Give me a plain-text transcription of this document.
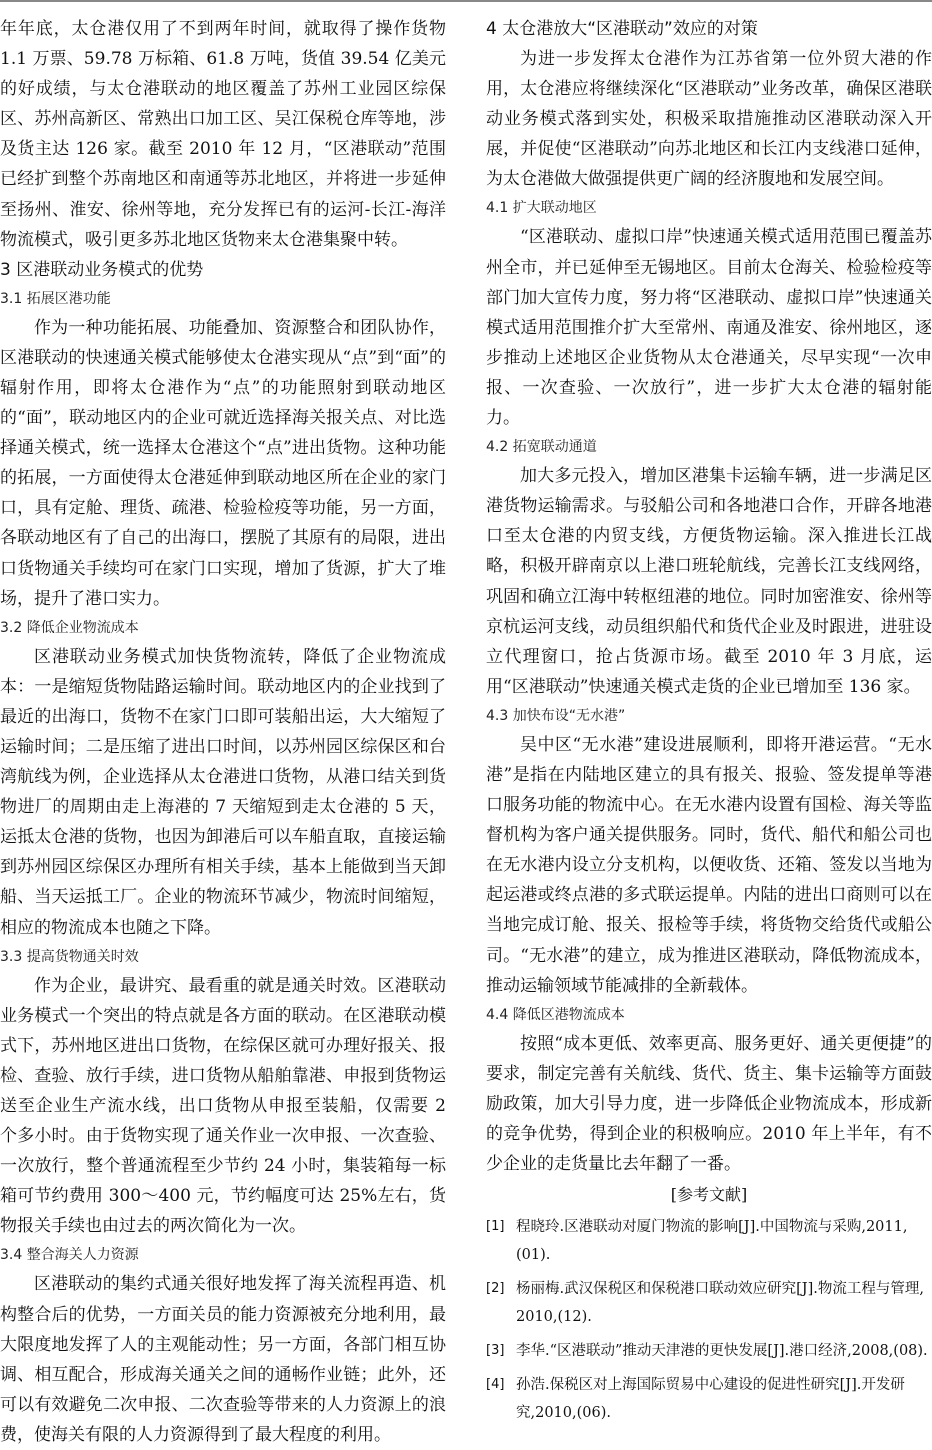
年年底，太仓港仅用了不到两年时间，就取得了操作货物 1.1 万票、59.78 万标箱、61.8 万吨，货值 39.54 亿美元的好成绩，与太仓港联动的地区覆盖了苏州工业园区综保区、苏州高新区、常熟出口加工区、吴江保税仓库等地，涉及货主达 126 家。截至 2010 年 12 月，“区港联动”范围已经扩到整个苏南地区和南通等苏北地区，并将进一步延伸至扬州、淮安、徐州等地，充分发挥已有的运河-长江-海洋物流模式，吸引更多苏北地区货物来太仓港集聚中转。

3 区港联动业务模式的优势
3.1 拓展区港功能

作为一种功能拓展、功能叠加、资源整合和团队协作，区港联动的快速通关模式能够使太仓港实现从“点”到“面”的辐射作用，即将太仓港作为“点”的功能照射到联动地区的“面”，联动地区内的企业可就近选择海关报关点、对比选择通关模式，统一选择太仓港这个“点”进出货物。这种功能的拓展，一方面使得太仓港延伸到联动地区所在企业的家门口，具有定舱、理货、疏港、检验检疫等功能，另一方面，各联动地区有了自己的出海口，摆脱了其原有的局限，进出口货物通关手续均可在家门口实现，增加了货源，扩大了堆场，提升了港口实力。

3.2 降低企业物流成本

区港联动业务模式加快货物流转，降低了企业物流成本：一是缩短货物陆路运输时间。联动地区内的企业找到了最近的出海口，货物不在家门口即可装船出运，大大缩短了运输时间；二是压缩了进出口时间，以苏州园区综保区和台湾航线为例，企业选择从太仓港进口货物，从港口结关到货物进厂的周期由走上海港的 7 天缩短到走太仓港的 5 天，运抵太仓港的货物，也因为卸港后可以车船直取，直接运输到苏州园区综保区办理所有相关手续，基本上能做到当天卸船、当天运抵工厂。企业的物流环节减少，物流时间缩短，相应的物流成本也随之下降。

3.3 提高货物通关时效

作为企业，最讲究、最看重的就是通关时效。区港联动业务模式一个突出的特点就是各方面的联动。在区港联动模式下，苏州地区进出口货物，在综保区就可办理好报关、报检、查验、放行手续，进口货物从船舶靠港、申报到货物运送至企业生产流水线，出口货物从申报至装船，仅需要 2 个多小时。由于货物实现了通关作业一次申报、一次查验、一次放行，整个普通流程至少节约 24 小时，集装箱每一标箱可节约费用 300～400 元，节约幅度可达 25%左右，货物报关手续也由过去的两次简化为一次。

3.4 整合海关人力资源

区港联动的集约式通关很好地发挥了海关流程再造、机构整合后的优势，一方面关员的能力资源被充分地利用，最大限度地发挥了人的主观能动性；另一方面，各部门相互协调、相互配合，形成海关通关之间的通畅作业链；此外，还可以有效避免二次申报、二次查验等带来的人力资源上的浪费，使海关有限的人力资源得到了最大程度的利用。

4 太仓港放大“区港联动”效应的对策

为进一步发挥太仓港作为江苏省第一位外贸大港的作用，太仓港应将继续深化“区港联动”业务改革，确保区港联动业务模式落到实处，积极采取措施推动区港联动深入开展，并促使“区港联动”向苏北地区和长江内支线港口延伸，为太仓港做大做强提供更广阔的经济腹地和发展空间。

4.1 扩大联动地区

“区港联动、虚拟口岸”快速通关模式适用范围已覆盖苏州全市，并已延伸至无锡地区。目前太仓海关、检验检疫等部门加大宣传力度，努力将“区港联动、虚拟口岸”快速通关模式适用范围推介扩大至常州、南通及淮安、徐州地区，逐步推动上述地区企业货物从太仓港通关，尽早实现“一次申报、一次查验、一次放行”，进一步扩大太仓港的辐射能力。

4.2 拓宽联动通道

加大多元投入，增加区港集卡运输车辆，进一步满足区港货物运输需求。与驳船公司和各地港口合作，开辟各地港口至太仓港的内贸支线，方便货物运输。深入推进长江战略，积极开辟南京以上港口班轮航线，完善长江支线网络，巩固和确立江海中转枢纽港的地位。同时加密淮安、徐州等京杭运河支线，动员组织船代和货代企业及时跟进，进驻设立代理窗口，抢占货源市场。截至 2010 年 3 月底，运用“区港联动”快速通关模式走货的企业已增加至 136 家。

4.3 加快布设“无水港”

吴中区“无水港”建设进展顺利，即将开港运营。“无水港”是指在内陆地区建立的具有报关、报验、签发提单等港口服务功能的物流中心。在无水港内设置有国检、海关等监督机构为客户通关提供服务。同时，货代、船代和船公司也在无水港内设立分支机构，以便收货、还箱、签发以当地为起运港或终点港的多式联运提单。内陆的进出口商则可以在当地完成订舱、报关、报检等手续，将货物交给货代或船公司。“无水港”的建立，成为推进区港联动，降低物流成本，推动运输领域节能减排的全新载体。

4.4 降低区港物流成本

按照“成本更低、效率更高、服务更好、通关更便捷”的要求，制定完善有关航线、货代、货主、集卡运输等方面鼓励政策，加大引导力度，进一步降低企业物流成本，形成新的竞争优势，得到企业的积极响应。2010 年上半年，有不少企业的走货量比去年翻了一番。

[参考文献]
[1] 程晓玲.区港联动对厦门物流的影响[J].中国物流与采购,2011,(01).
[2] 杨丽梅.武汉保税区和保税港口联动效应研究[J].物流工程与管理, 2010,(12).
[3] 李华.“区港联动”推动天津港的更快发展[J].港口经济,2008,(08).
[4] 孙浩.保税区对上海国际贸易中心建设的促进性研究[J].开发研究,2010,(06).
